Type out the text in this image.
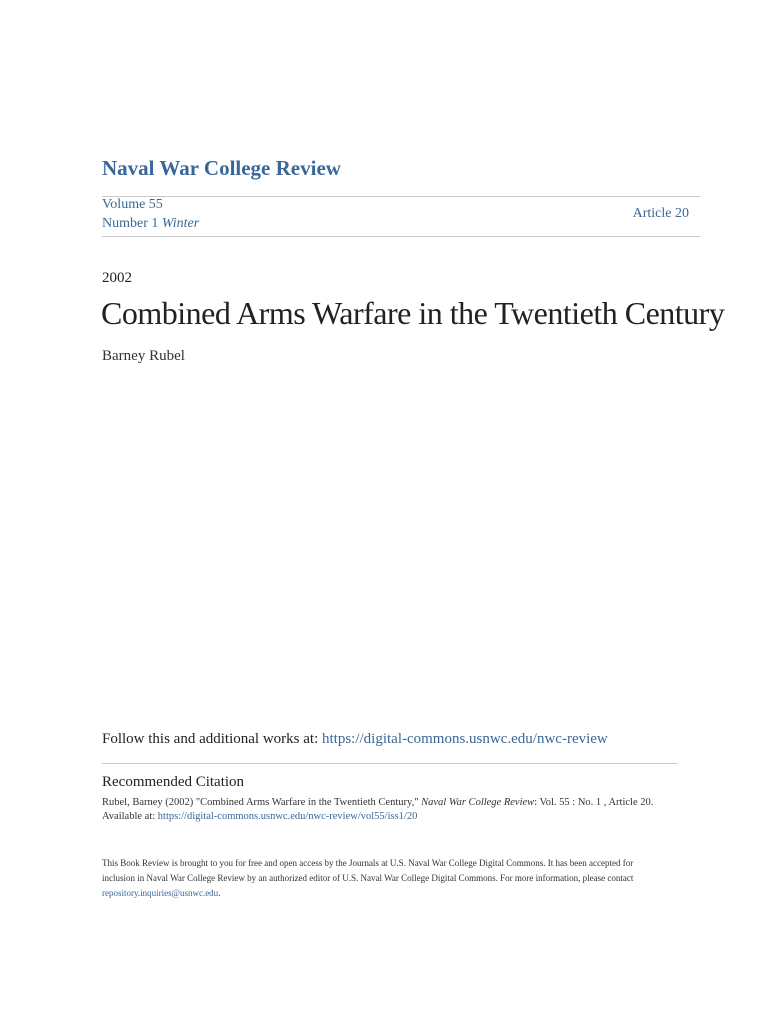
Naval War College Review
Volume 55
Number 1 Winter
Article 20
2002
Combined Arms Warfare in the Twentieth Century
Barney Rubel
Follow this and additional works at: https://digital-commons.usnwc.edu/nwc-review
Recommended Citation
Rubel, Barney (2002) "Combined Arms Warfare in the Twentieth Century," Naval War College Review: Vol. 55 : No. 1 , Article 20.
Available at: https://digital-commons.usnwc.edu/nwc-review/vol55/iss1/20
This Book Review is brought to you for free and open access by the Journals at U.S. Naval War College Digital Commons. It has been accepted for inclusion in Naval War College Review by an authorized editor of U.S. Naval War College Digital Commons. For more information, please contact repository.inquiries@usnwc.edu.
